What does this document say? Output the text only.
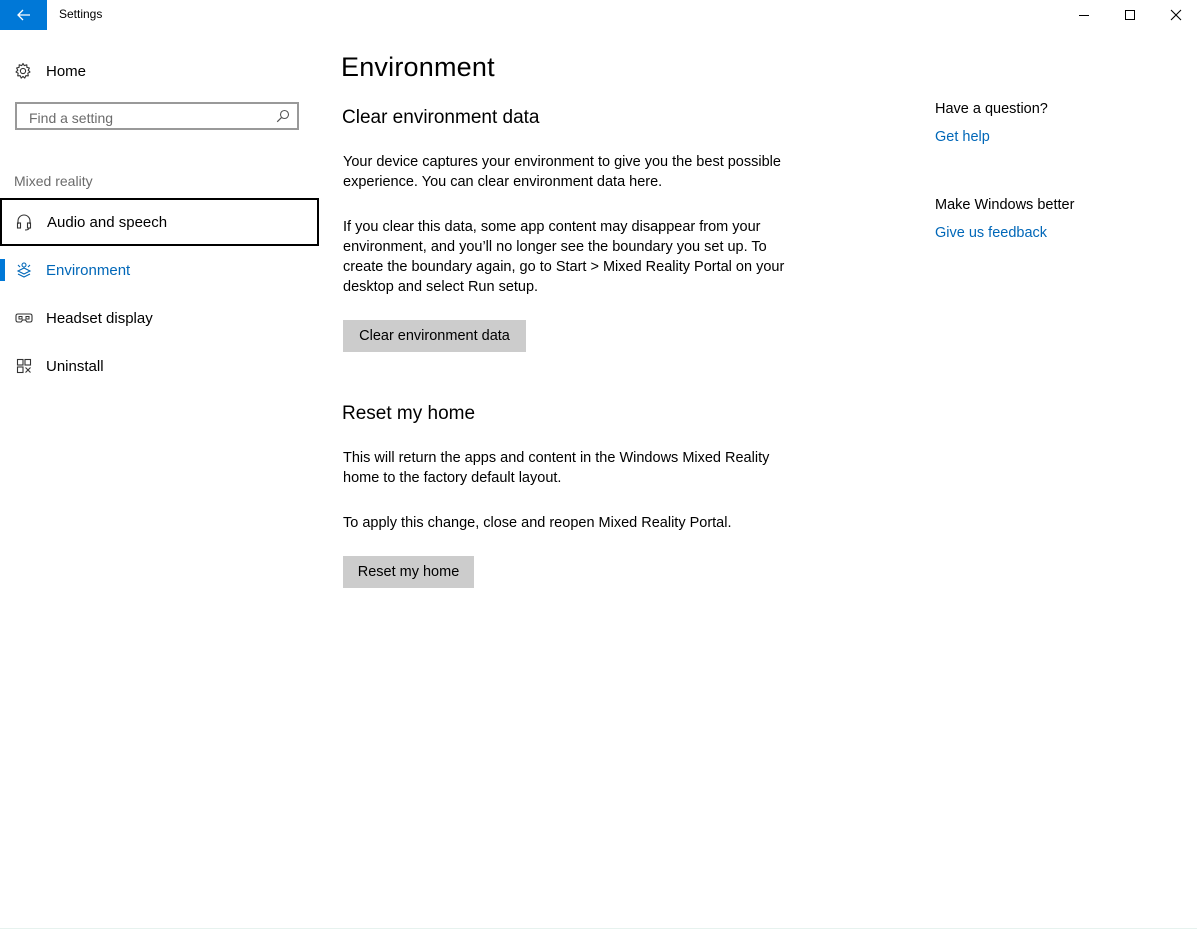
Settings
Home
Find a setting
Mixed reality
Audio and speech
Environment
Headset display
Uninstall
Environment
Clear environment data

Your device captures your environment to give you the best possible experience. You can clear environment data here.

If you clear this data, some app content may disappear from your environment, and you’ll no longer see the boundary you set up. To create the boundary again, go to Start > Mixed Reality Portal on your desktop and select Run setup.

Clear environment data
Reset my home

This will return the apps and content in the Windows Mixed Reality home to the factory default layout.

To apply this change, close and reopen Mixed Reality Portal.

Reset my home
Have a question?
Get help
Make Windows better
Give us feedback
